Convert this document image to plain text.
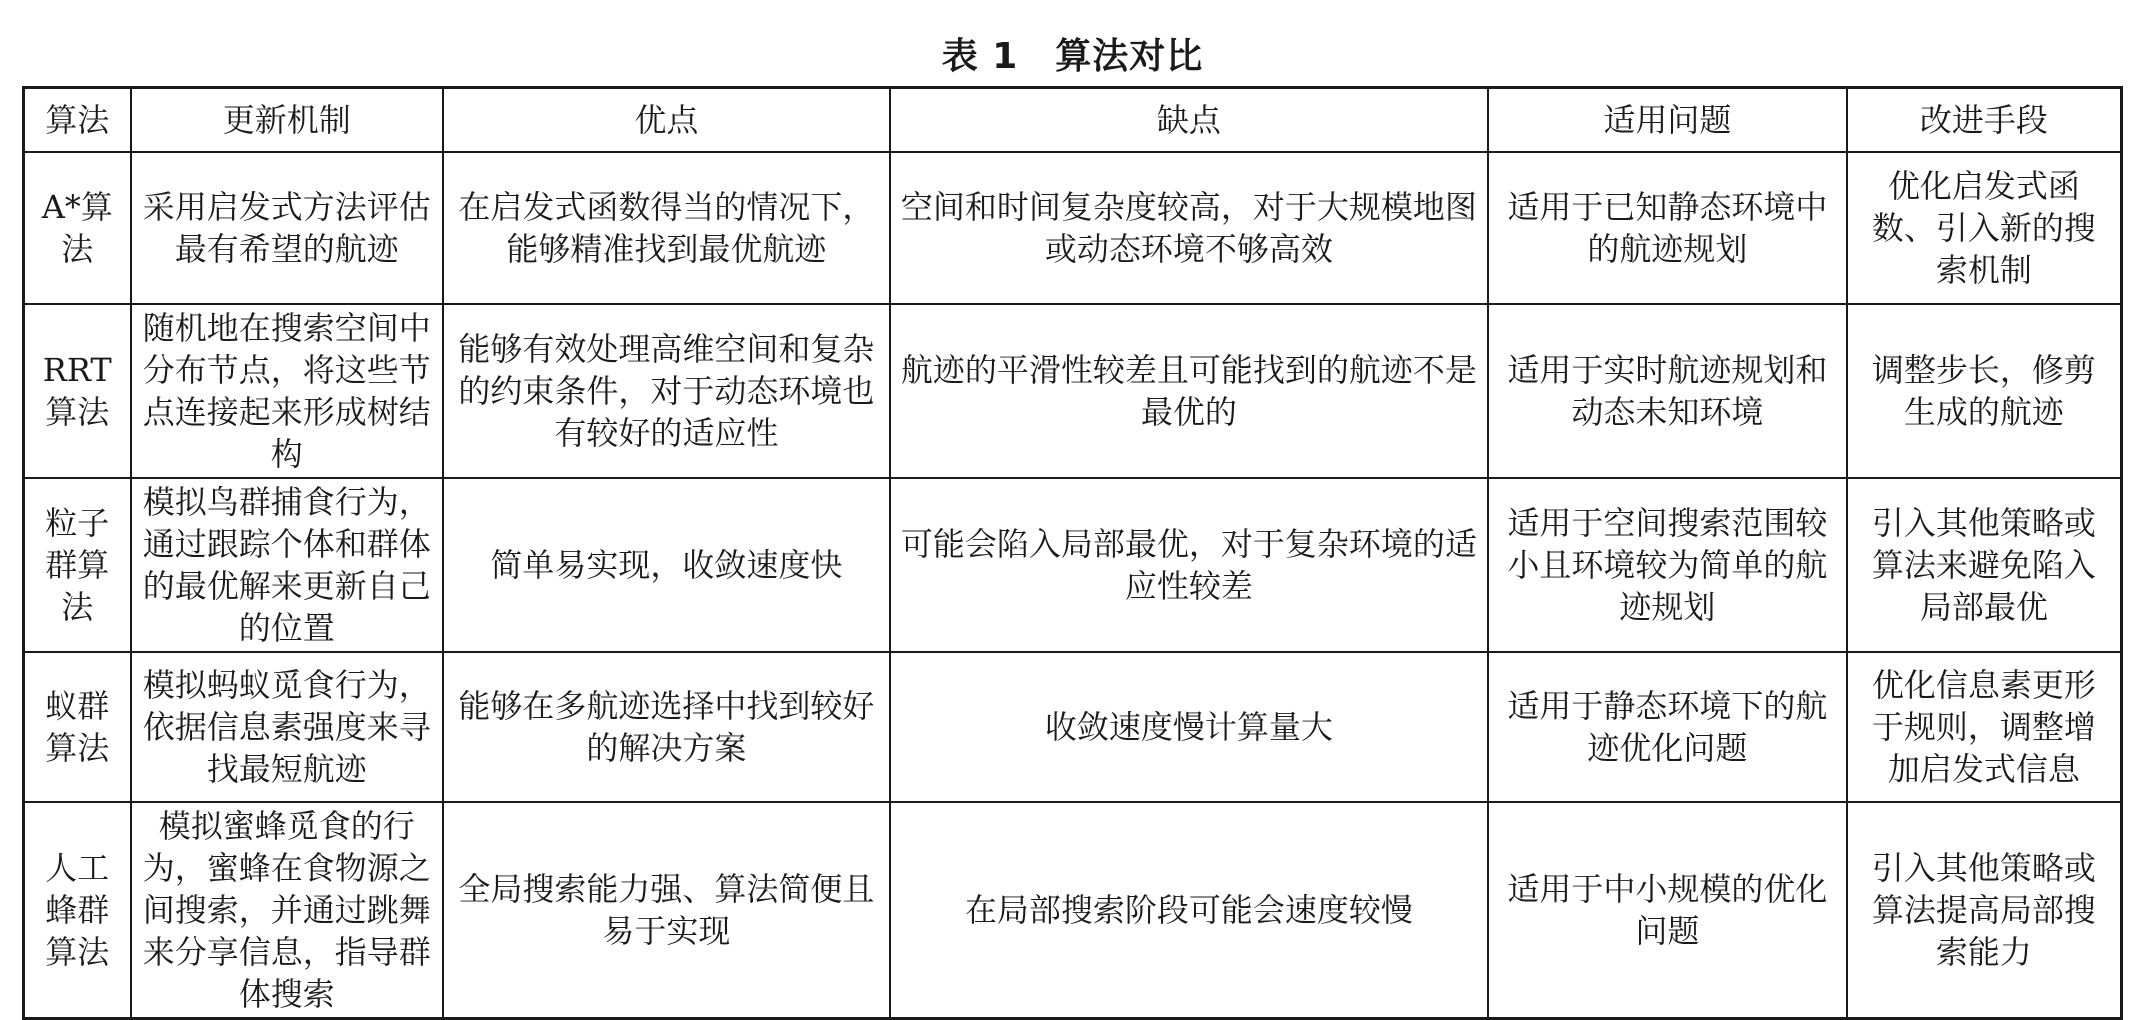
表 1　算法对比
算法	更新机制	优点	缺点	适用问题	改进手段
A*算法	采用启发式方法评估最有希望的航迹	在启发式函数得当的情况下，能够精准找到最优航迹	空间和时间复杂度较高，对于大规模地图或动态环境不够高效	适用于已知静态环境中的航迹规划	优化启发式函数、引入新的搜索机制
RRT算法	随机地在搜索空间中分布节点，将这些节点连接起来形成树结构	能够有效处理高维空间和复杂的约束条件，对于动态环境也有较好的适应性	航迹的平滑性较差且可能找到的航迹不是最优的	适用于实时航迹规划和动态未知环境	调整步长，修剪生成的航迹
粒子群算法	模拟鸟群捕食行为，通过跟踪个体和群体的最优解来更新自己的位置	简单易实现，收敛速度快	可能会陷入局部最优，对于复杂环境的适应性较差	适用于空间搜索范围较小且环境较为简单的航迹规划	引入其他策略或算法来避免陷入局部最优
蚁群算法	模拟蚂蚁觅食行为，依据信息素强度来寻找最短航迹	能够在多航迹选择中找到较好的解决方案	收敛速度慢计算量大	适用于静态环境下的航迹优化问题	优化信息素更形于规则，调整增加启发式信息
人工蜂群算法	模拟蜜蜂觅食的行为，蜜蜂在食物源之间搜索，并通过跳舞来分享信息，指导群体搜索	全局搜索能力强、算法简便且易于实现	在局部搜索阶段可能会速度较慢	适用于中小规模的优化问题	引入其他策略或算法提高局部搜索能力
